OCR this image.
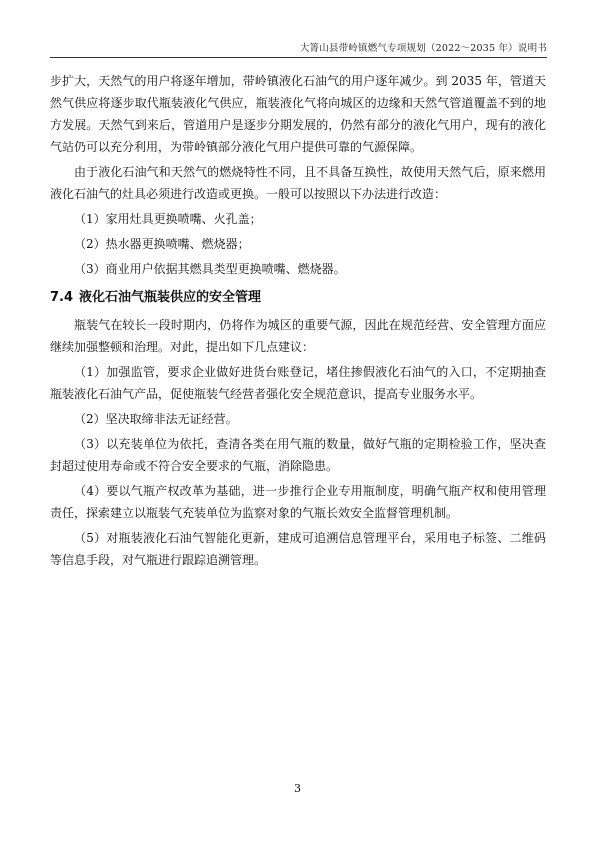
大箐山县带岭镇燃气专项规划（2022～2035 年）说明书

步扩大，天然气的用户将逐年增加，带岭镇液化石油气的用户逐年减少。到 2035 年，管道天然气供应将逐步取代瓶装液化气供应，瓶装液化气将向城区的边缘和天然气管道覆盖不到的地方发展。天然气到来后，管道用户是逐步分期发展的，仍然有部分的液化气用户，现有的液化气站仍可以充分利用，为带岭镇部分液化气用户提供可靠的气源保障。

由于液化石油气和天然气的燃烧特性不同，且不具备互换性，故使用天然气后，原来燃用液化石油气的灶具必须进行改造或更换。一般可以按照以下办法进行改造：

（1）家用灶具更换喷嘴、火孔盖；

（2）热水器更换喷嘴、燃烧器；

（3）商业用户依据其燃具类型更换喷嘴、燃烧器。

7.4 液化石油气瓶装供应的安全管理

瓶装气在较长一段时期内，仍将作为城区的重要气源，因此在规范经营、安全管理方面应继续加强整顿和治理。对此，提出如下几点建议：

（1）加强监管，要求企业做好进货台账登记，堵住掺假液化石油气的入口，不定期抽查瓶装液化石油气产品，促使瓶装气经营者强化安全规范意识，提高专业服务水平。

（2）坚决取缔非法无证经营。

（3）以充装单位为依托，查清各类在用气瓶的数量，做好气瓶的定期检验工作，坚决查封超过使用寿命或不符合安全要求的气瓶，消除隐患。

（4）要以气瓶产权改革为基础，进一步推行企业专用瓶制度，明确气瓶产权和使用管理责任，探索建立以瓶装气充装单位为监察对象的气瓶长效安全监督管理机制。

（5）对瓶装液化石油气智能化更新，建成可追溯信息管理平台，采用电子标签、二维码等信息手段，对气瓶进行跟踪追溯管理。

3
